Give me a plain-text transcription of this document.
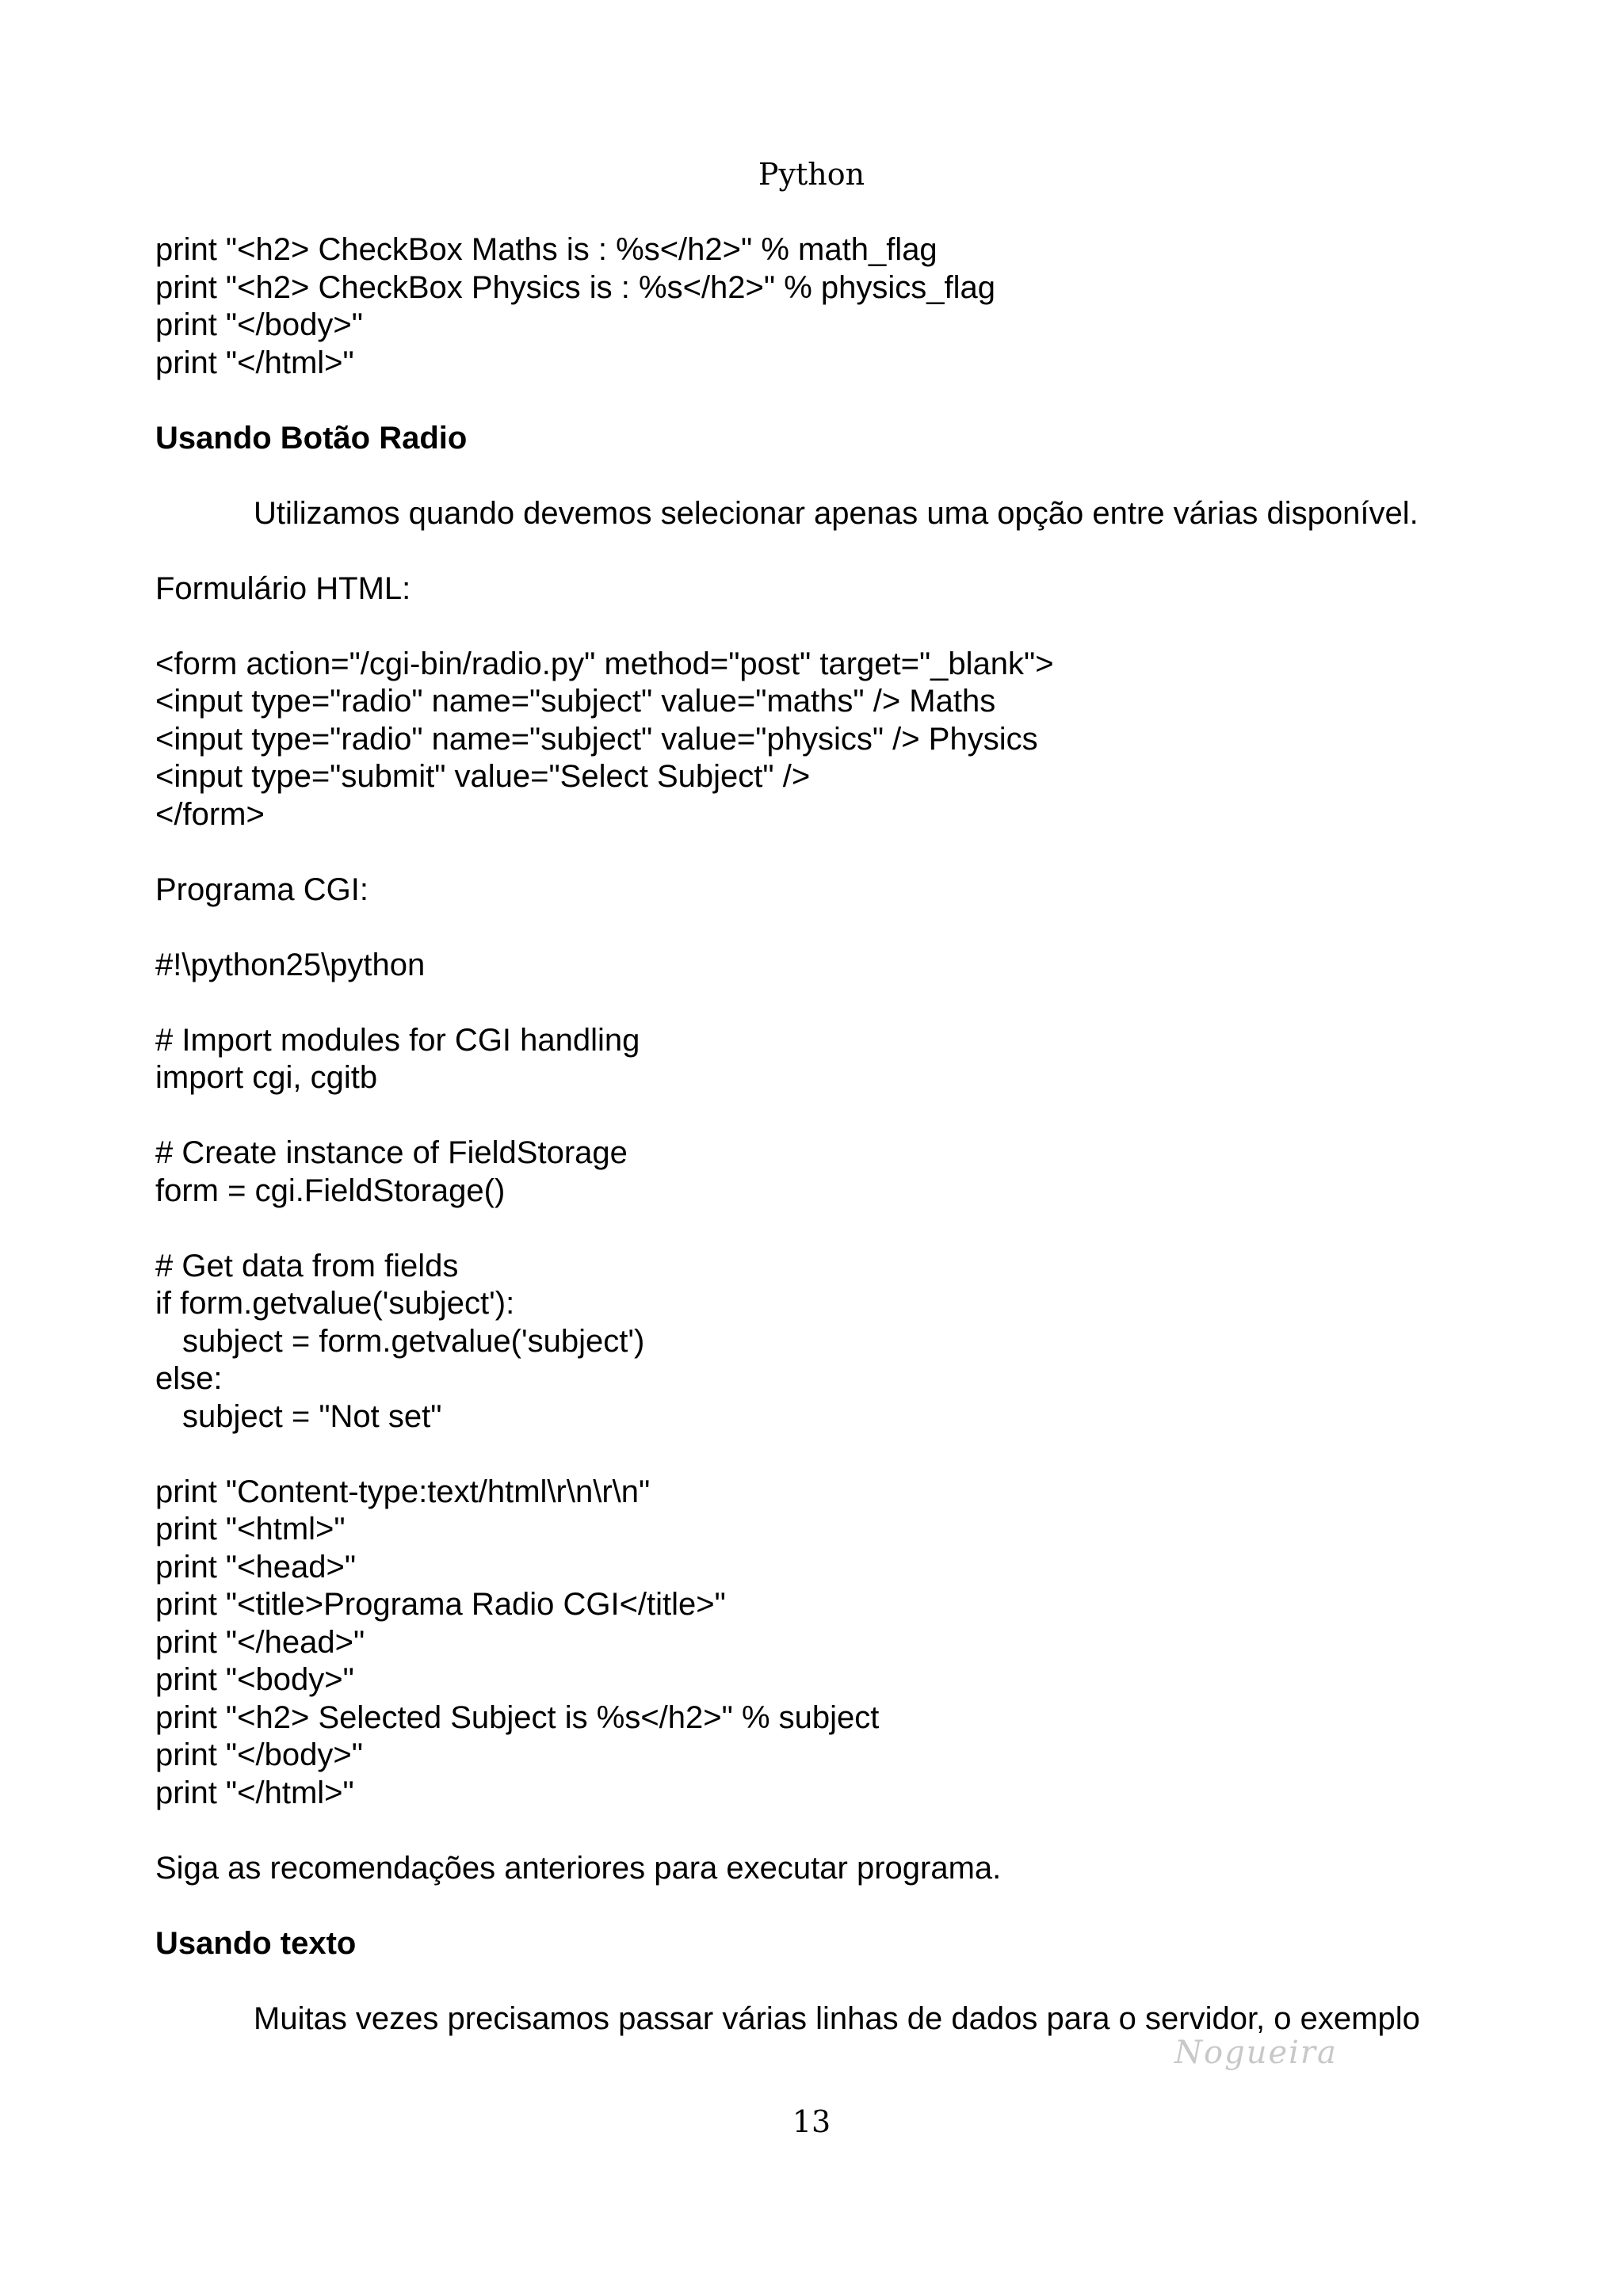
Python
print "<h2> CheckBox Maths is : %s</h2>" % math_flag
print "<h2> CheckBox Physics is : %s</h2>" % physics_flag
print "</body>"
print "</html>"
Usando Botão Radio
Utilizamos quando devemos selecionar apenas uma opção entre várias disponível.
Formulário HTML:
<form action="/cgi-bin/radio.py" method="post" target="_blank">
<input type="radio" name="subject" value="maths" /> Maths
<input type="radio" name="subject" value="physics" /> Physics
<input type="submit" value="Select Subject" />
</form>
Programa CGI:
#!\python25\python
# Import modules for CGI handling
import cgi, cgitb
# Create instance of FieldStorage
form = cgi.FieldStorage()
# Get data from fields
if form.getvalue('subject'):
subject = form.getvalue('subject')
else:
subject = "Not set"
print "Content-type:text/html\r\n\r\n"
print "<html>"
print "<head>"
print "<title>Programa Radio CGI</title>"
print "</head>"
print "<body>"
print "<h2> Selected Subject is %s</h2>" % subject
print "</body>"
print "</html>"
Siga as recomendações anteriores para executar programa.
Usando texto
Muitas vezes precisamos passar várias linhas de dados para o servidor, o exemplo
Nogueira
13
